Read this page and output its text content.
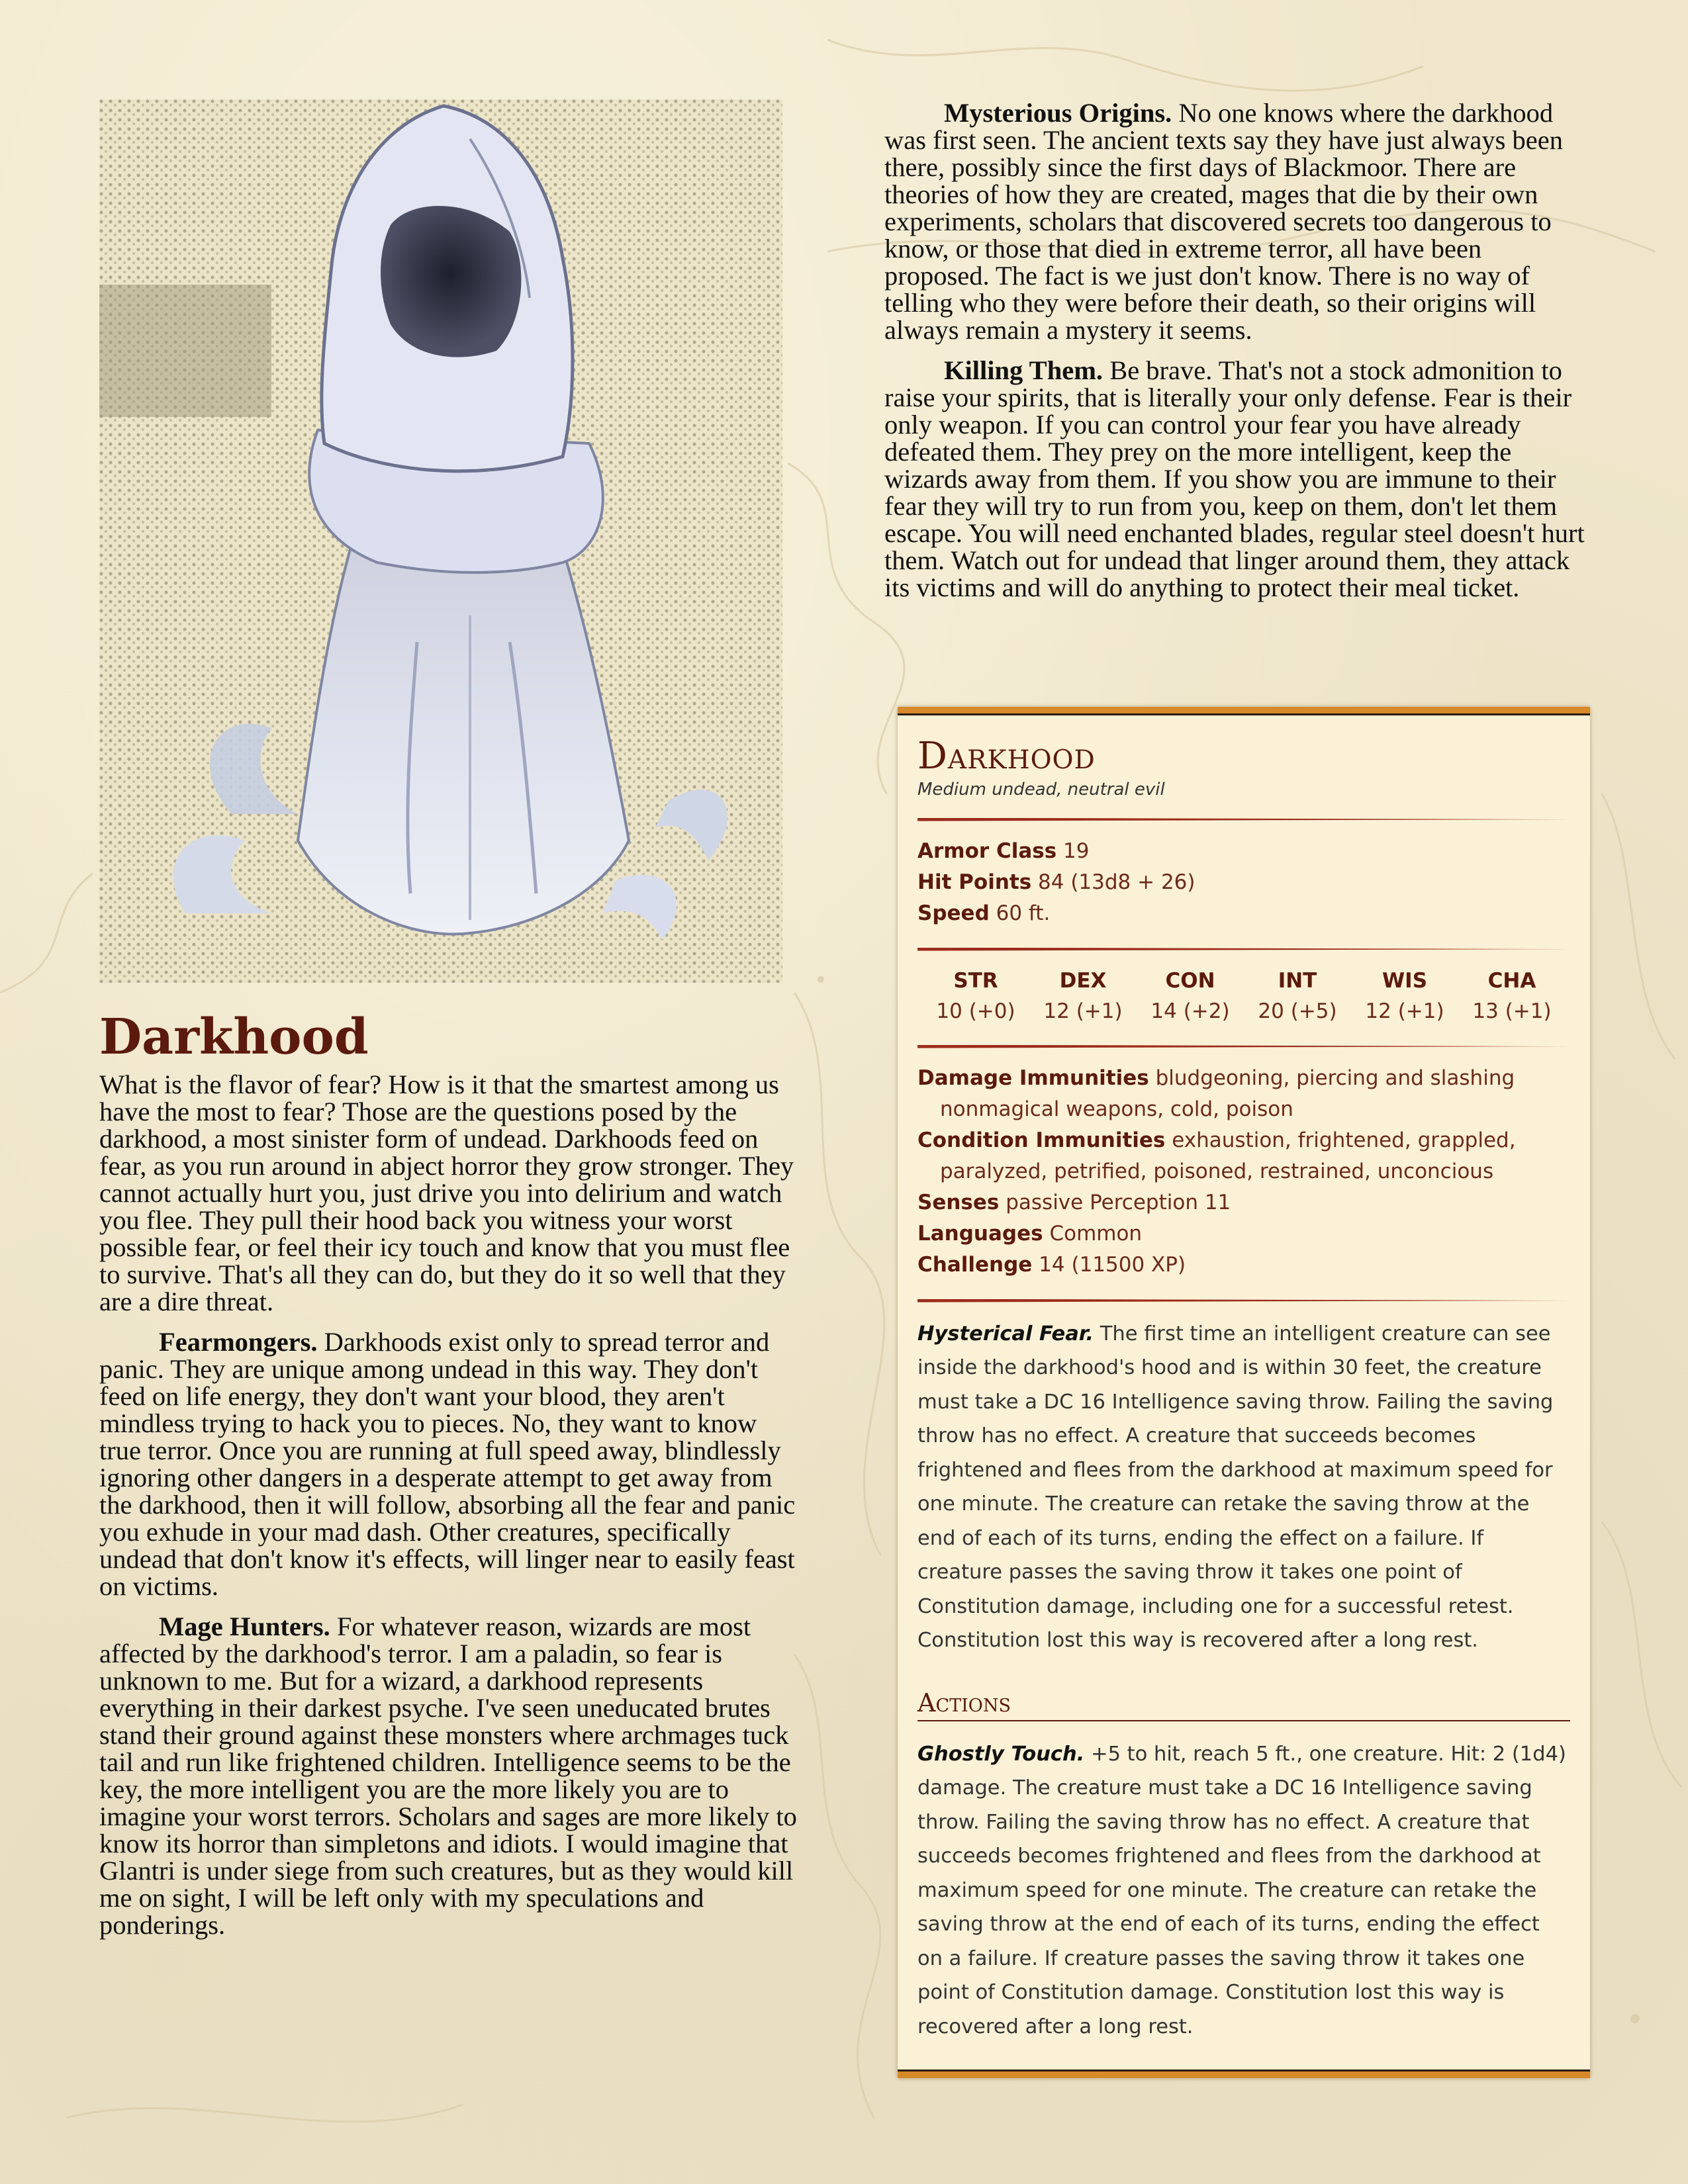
Darkhood

What is the flavor of fear? How is it that the smartest among us have the most to fear? Those are the questions posed by the darkhood, a most sinister form of undead. Darkhoods feed on fear, as you run around in abject horror they grow stronger. They cannot actually hurt you, just drive you into delirium and watch you flee. They pull their hood back you witness your worst possible fear, or feel their icy touch and know that you must flee to survive. That's all they can do, but they do it so well that they are a dire threat.

Fearmongers. Darkhoods exist only to spread terror and panic. They are unique among undead in this way. They don't feed on life energy, they don't want your blood, they aren't mindless trying to hack you to pieces. No, they want to know true terror. Once you are running at full speed away, blindlessly ignoring other dangers in a desperate attempt to get away from the darkhood, then it will follow, absorbing all the fear and panic you exhude in your mad dash. Other creatures, specifically undead that don't know it's effects, will linger near to easily feast on victims.

Mage Hunters. For whatever reason, wizards are most affected by the darkhood's terror. I am a paladin, so fear is unknown to me. But for a wizard, a darkhood represents everything in their darkest psyche. I've seen uneducated brutes stand their ground against these monsters where archmages tuck tail and run like frightened children. Intelligence seems to be the key, the more intelligent you are the more likely you are to imagine your worst terrors. Scholars and sages are more likely to know its horror than simpletons and idiots. I would imagine that Glantri is under siege from such creatures, but as they would kill me on sight, I will be left only with my speculations and ponderings.

Mysterious Origins. No one knows where the darkhood was first seen. The ancient texts say they have just always been there, possibly since the first days of Blackmoor. There are theories of how they are created, mages that die by their own experiments, scholars that discovered secrets too dangerous to know, or those that died in extreme terror, all have been proposed. The fact is we just don't know. There is no way of telling who they were before their death, so their origins will always remain a mystery it seems.

Killing Them. Be brave. That's not a stock admonition to raise your spirits, that is literally your only defense. Fear is their only weapon. If you can control your fear you have already defeated them. They prey on the more intelligent, keep the wizards away from them. If you show you are immune to their fear they will try to run from you, keep on them, don't let them escape. You will need enchanted blades, regular steel doesn't hurt them. Watch out for undead that linger around them, they attack its victims and will do anything to protect their meal ticket.

Darkhood
Medium undead, neutral evil
Armor Class 19
Hit Points 84 (13d8 + 26)
Speed 60 ft.
STR
10 (+0)
DEX
12 (+1)
CON
14 (+2)
INT
20 (+5)
WIS
12 (+1)
CHA
13 (+1)
Damage Immunities bludgeoning, piercing and slashing nonmagical weapons, cold, poison
Condition Immunities exhaustion, frightened, grappled, paralyzed, petrified, poisoned, restrained, unconcious
Senses passive Perception 11
Languages Common
Challenge 14 (11500 XP)
Hysterical Fear. The first time an intelligent creature can see inside the darkhood's hood and is within 30 feet, the creature must take a DC 16 Intelligence saving throw. Failing the saving throw has no effect. A creature that succeeds becomes frightened and flees from the darkhood at maximum speed for one minute. The creature can retake the saving throw at the end of each of its turns, ending the effect on a failure. If creature passes the saving throw it takes one point of Constitution damage, including one for a successful retest. Constitution lost this way is recovered after a long rest.
Actions
Ghostly Touch. +5 to hit, reach 5 ft., one creature. Hit: 2 (1d4) damage. The creature must take a DC 16 Intelligence saving throw. Failing the saving throw has no effect. A creature that succeeds becomes frightened and flees from the darkhood at maximum speed for one minute. The creature can retake the saving throw at the end of each of its turns, ending the effect on a failure. If creature passes the saving throw it takes one point of Constitution damage. Constitution lost this way is recovered after a long rest.
